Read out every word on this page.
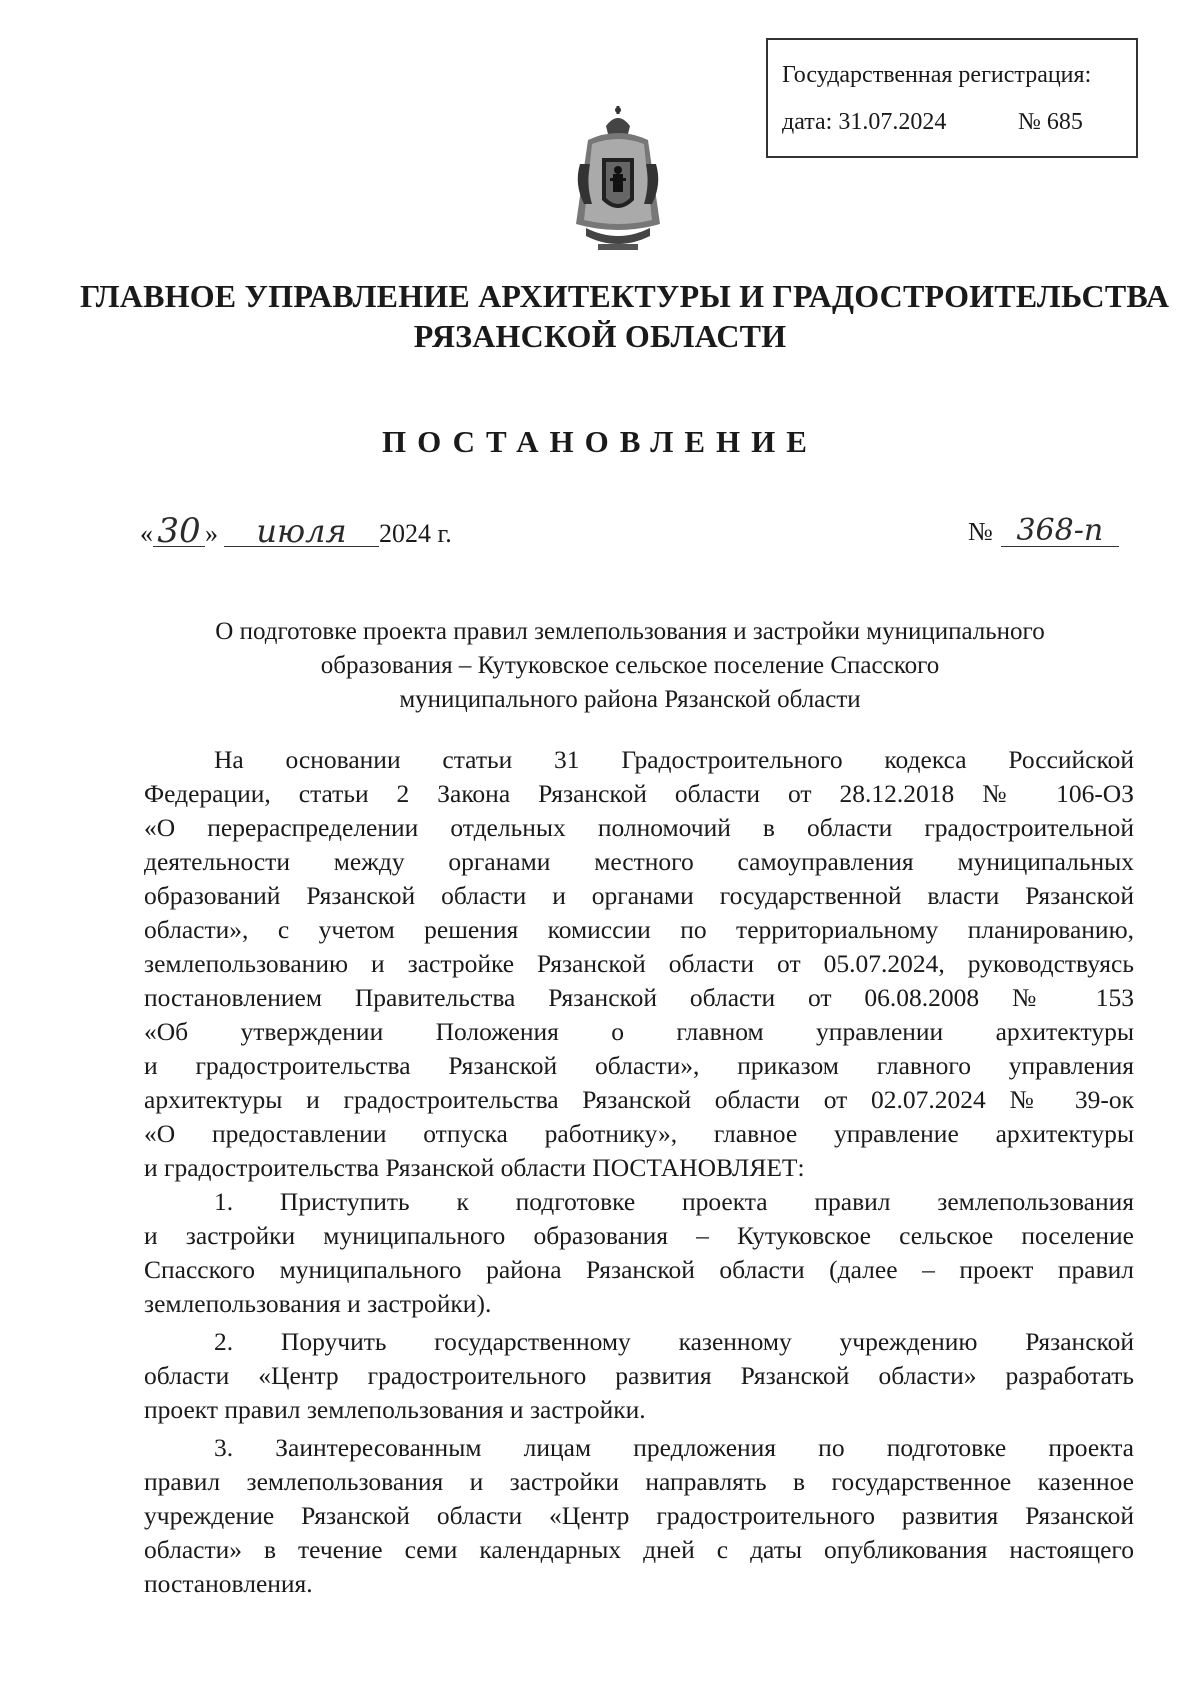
Государственная регистрация:
дата: 31.07.2024	№ 685
ГЛАВНОЕ УПРАВЛЕНИЕ АРХИТЕКТУРЫ И ГРАДОСТРОИТЕЛЬСТВА
РЯЗАНСКОЙ ОБЛАСТИ
ПОСТАНОВЛЕНИЕ
« 30 » июля 2024 г.	№ 368-п
О подготовке проекта правил землепользования и застройки муниципального
образования – Кутуковское сельское поселение Спасского
муниципального района Рязанской области
На основании статьи 31 Градостроительного кодекса Российской
Федерации, статьи 2 Закона Рязанской области от 28.12.2018 № 106-ОЗ
«О перераспределении отдельных полномочий в области градостроительной
деятельности между органами местного самоуправления муниципальных
образований Рязанской области и органами государственной власти Рязанской
области», с учетом решения комиссии по территориальному планированию,
землепользованию и застройке Рязанской области от 05.07.2024, руководствуясь
постановлением Правительства Рязанской области от 06.08.2008 № 153
«Об утверждении Положения о главном управлении архитектуры
и градостроительства Рязанской области», приказом главного управления
архитектуры и градостроительства Рязанской области от 02.07.2024 № 39-ок
«О предоставлении отпуска работнику», главное управление архитектуры
и градостроительства Рязанской области ПОСТАНОВЛЯЕТ:
1. Приступить к подготовке проекта правил землепользования
и застройки муниципального образования – Кутуковское сельское поселение
Спасского муниципального района Рязанской области (далее – проект правил
землепользования и застройки).
2. Поручить государственному казенному учреждению Рязанской
области «Центр градостроительного развития Рязанской области» разработать
проект правил землепользования и застройки.
3. Заинтересованным лицам предложения по подготовке проекта
правил землепользования и застройки направлять в государственное казенное
учреждение Рязанской области «Центр градостроительного развития Рязанской
области» в течение семи календарных дней с даты опубликования настоящего
постановления.
